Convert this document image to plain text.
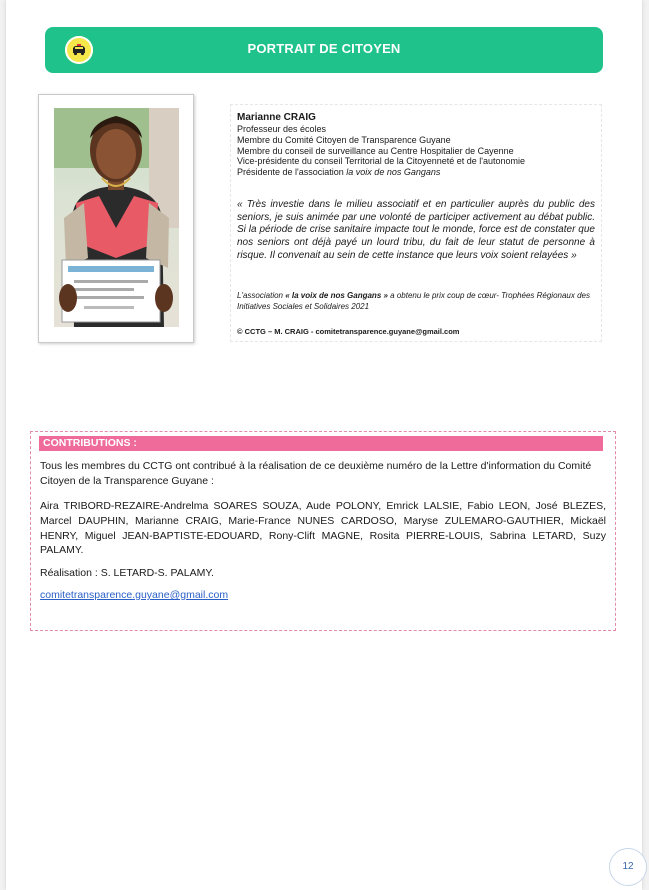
PORTRAIT DE CITOYEN
Marianne CRAIG
Professeur des écoles
Membre du Comité Citoyen de Transparence Guyane
Membre du conseil de surveillance au Centre Hospitalier de Cayenne
Vice-présidente du conseil Territorial de la Citoyenneté et de l'autonomie
Présidente de l'association la voix de nos Gangans
« Très investie dans le milieu associatif et en particulier auprès du public des seniors, je suis animée par une volonté de participer activement au débat public. Si la période de crise sanitaire impacte tout le monde, force est de constater que nos seniors ont déjà payé un lourd tribu, du fait de leur statut de personne à risque. Il convenait au sein de cette instance que leurs voix soient relayées »
L'association « la voix de nos Gangans » a obtenu le prix coup de cœur- Trophées Régionaux des Initiatives Sociales et Solidaires 2021
© CCTG – M. CRAIG - comitetransparence.guyane@gmail.com
CONTRIBUTIONS :
Tous les membres du CCTG ont contribué à la réalisation de ce deuxième numéro de la Lettre d'information du Comité Citoyen de la Transparence Guyane :
Aira TRIBORD-REZAIRE-Andrelma SOARES SOUZA, Aude POLONY, Emrick LALSIE, Fabio LEON, José BLEZES, Marcel DAUPHIN, Marianne CRAIG, Marie-France NUNES CARDOSO, Maryse ZULEMARO-GAUTHIER, Mickaël HENRY, Miguel JEAN-BAPTISTE-EDOUARD, Rony-Clift MAGNE, Rosita PIERRE-LOUIS, Sabrina LETARD, Suzy PALAMY.
Réalisation : S. LETARD-S. PALAMY.
comitetransparence.guyane@gmail.com
12
